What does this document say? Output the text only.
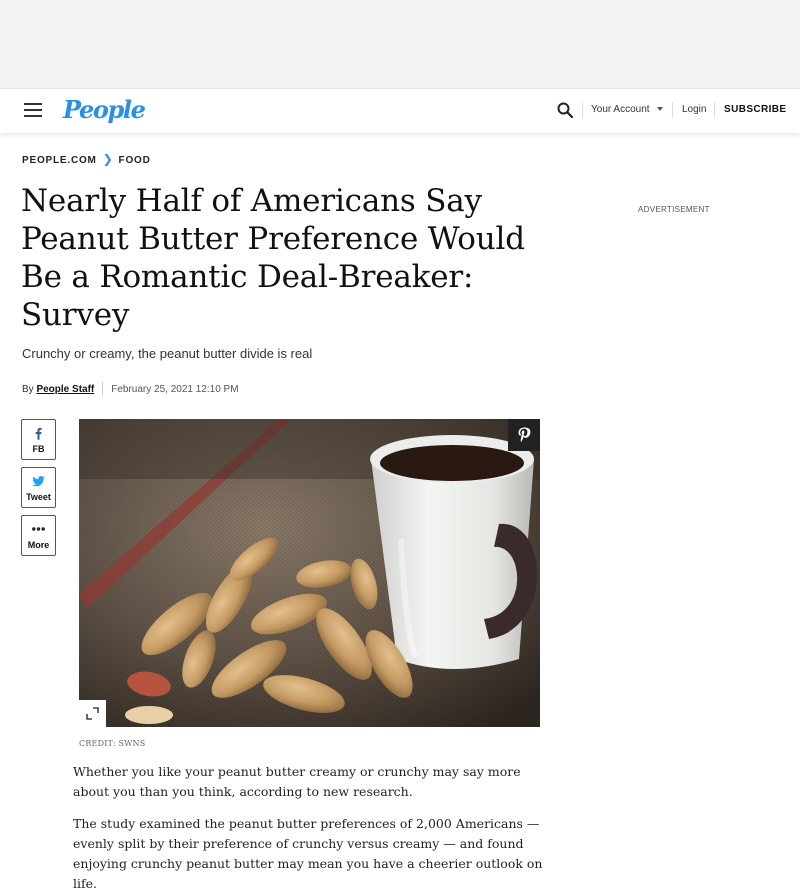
People	Your Account	Login SUBSCRIBE
PEOPLE.COM ❯ FOOD
Nearly Half of Americans Say Peanut Butter Preference Would Be a Romantic Deal-Breaker: Survey

Crunchy or creamy, the peanut butter divide is real

By People Staff February 25, 2021 12:10 PM
ADVERTISEMENT
FB
Tweet
More
CREDIT: SWNS

Whether you like your peanut butter creamy or crunchy may say more about you than you think, according to new research.

The study examined the peanut butter preferences of 2,000 Americans — evenly split by their preference of crunchy versus creamy — and found enjoying crunchy peanut butter may mean you have a cheerier outlook on life.
